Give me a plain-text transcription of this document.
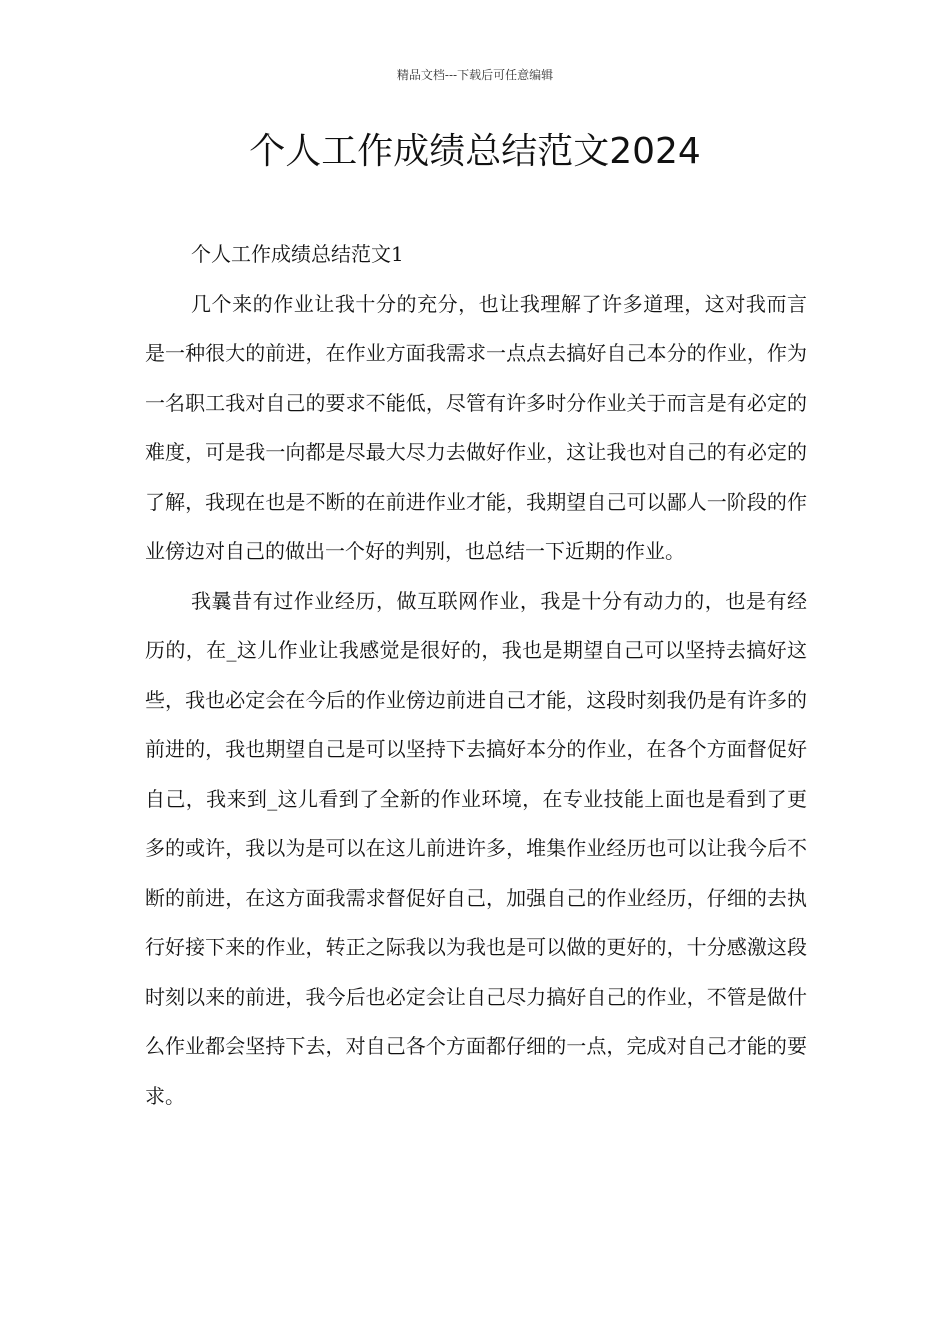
精品文档---下载后可任意编辑
个人工作成绩总结范文2024

个人工作成绩总结范文1

几个来的作业让我十分的充分，也让我理解了许多道理，这对我而言是一种很大的前进，在作业方面我需求一点点去搞好自己本分的作业，作为一名职工我对自己的要求不能低，尽管有许多时分作业关于而言是有必定的难度，可是我一向都是尽最大尽力去做好作业，这让我也对自己的有必定的了解，我现在也是不断的在前进作业才能，我期望自己可以鄙人一阶段的作业傍边对自己的做出一个好的判别，也总结一下近期的作业。

我曩昔有过作业经历，做互联网作业，我是十分有动力的，也是有经历的，在_这儿作业让我感觉是很好的，我也是期望自己可以坚持去搞好这些，我也必定会在今后的作业傍边前进自己才能，这段时刻我仍是有许多的前进的，我也期望自己是可以坚持下去搞好本分的作业，在各个方面督促好自己，我来到_这儿看到了全新的作业环境，在专业技能上面也是看到了更多的或许，我以为是可以在这儿前进许多，堆集作业经历也可以让我今后不断的前进，在这方面我需求督促好自己，加强自己的作业经历，仔细的去执行好接下来的作业，转正之际我以为我也是可以做的更好的，十分感激这段时刻以来的前进，我今后也必定会让自己尽力搞好自己的作业，不管是做什么作业都会坚持下去，对自己各个方面都仔细的一点，完成对自己才能的要求。
